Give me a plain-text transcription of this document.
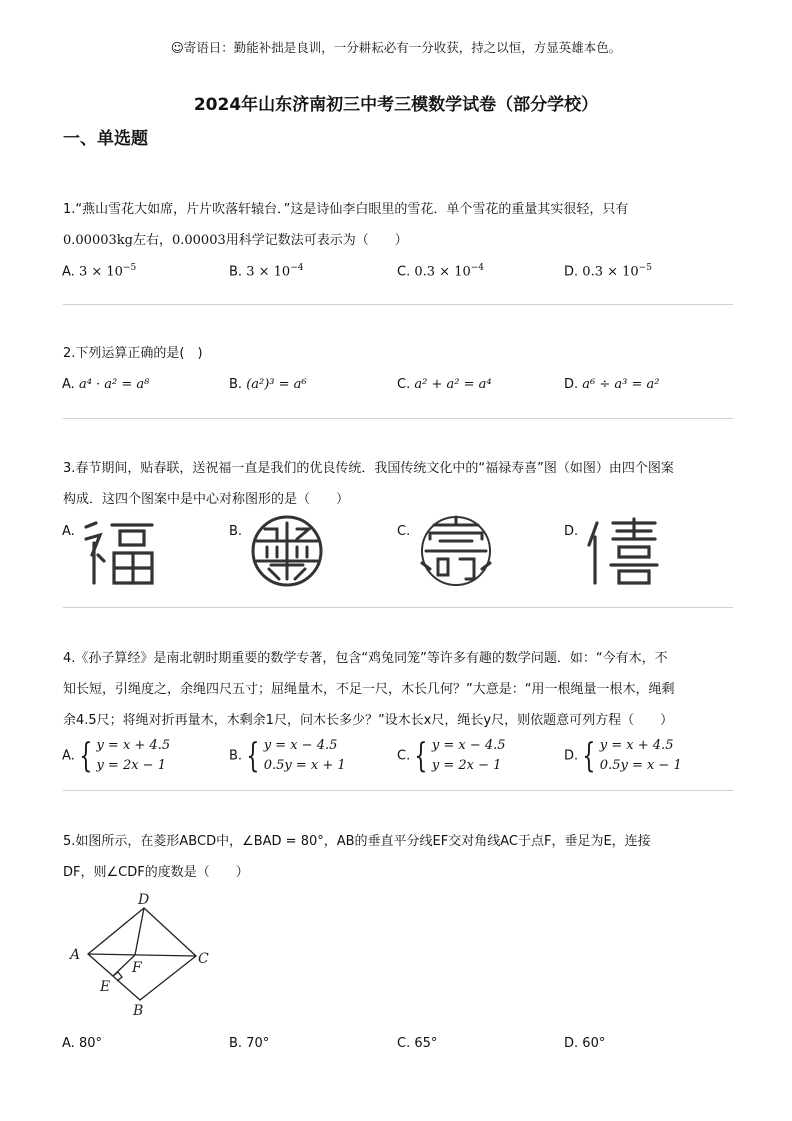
☺寄语日：勤能补拙是良训，一分耕耘必有一分收获，持之以恒，方显英雄本色。
2024年山东济南初三中考三模数学试卷（部分学校）
一、单选题
1.“燕山雪花大如席，片片吹落轩辕台．”这是诗仙李白眼里的雪花．单个雪花的重量其实很轻，只有
0.00003kg左右，0.00003用科学记数法可表示为（　　）
A. $3 \times 10^{-5}$	B. $3 \times 10^{-4}$	C. $0.3 \times 10^{-4}$	D. $0.3 \times 10^{-5}$
2.下列运算正确的是(　)
A. a⁴ · a² = a⁸	B. (a²)³ = a⁶	C. a² + a² = a⁴	D. a⁶ ÷ a³ = a²
3.春节期间，贴春联，送祝福一直是我们的优良传统．我国传统文化中的“福禄寿喜”图（如图）由四个图案
构成．这四个图案中是中心对称图形的是（　　）
A.	B.	C.	D.
4.《孙子算经》是南北朝时期重要的数学专著，包含“鸡兔同笼”等许多有趣的数学问题．如：“今有木，不
知长短，引绳度之，余绳四尺五寸；屈绳量木，不足一尺，木长几何？”大意是：“用一根绳量一根木，绳剩
余4.5尺；将绳对折再量木，木剩余1尺，问木长多少？”设木长x尺，绳长y尺，则依题意可列方程（　　）
A. { y = x + 4.5
y = 2x − 1
B. { y = x − 4.5
0.5y = x + 1
C. { y = x − 4.5
y = 2x − 1
D. { y = x + 4.5
0.5y = x − 1
5.如图所示，在菱形ABCD中，∠BAD = 80°，AB的垂直平分线EF交对角线AC于点F，垂足为E，连接
DF，则∠CDF的度数是（　　）
A
D
C
B
E
F
A. 80°	B. 70°	C. 65°	D. 60°
